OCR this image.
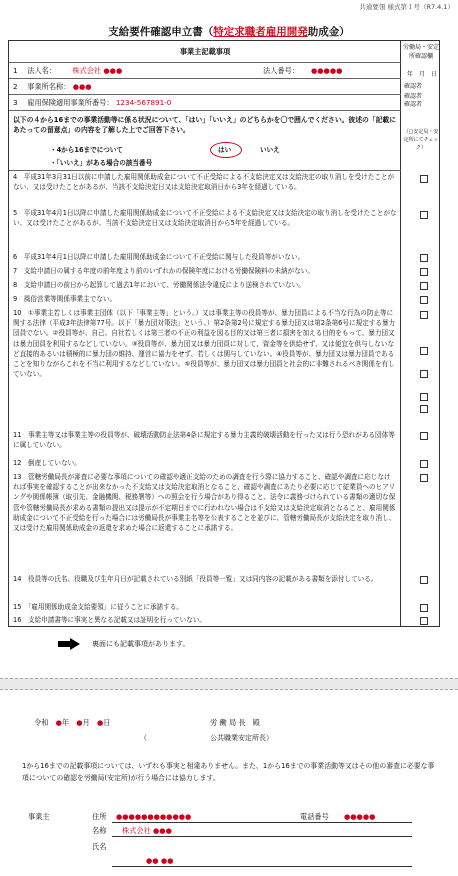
共通要領 様式第１号（R7.4.1）
支給要件確認申立書（特定求職者雇用開発助成金）
事業主記載事項	労働局・安定所確認欄
年　月　日
確認者
確認者
確認者
（□安定局・安定所にてチェック）
1 法人名： 株式会社 ●●●	法人番号： ●●●●●
2 事業所名称： ●●●
3 雇用保険適用事業所番号： 1234-567891-0
以下の４から16までの事業活動等に係る状況について、「はい」「いいえ」のどちらかを〇で囲んでください。彼述の「記載にあたっての留意点」の内容を了解した上でご回答下さい。
・4から16までについて	はい	いいえ
・「いいえ」がある場合の該当番号
4　 平成31年3月31日以前に申請した雇用関係助成金について不正受給による不支給決定又は支給決定の取り消しを受けたことがない、又は受けたことがあるが、当該不支給決定日又は支給決定取消日から3年を経過している。
5　 平成31年4月1日以降に申請した雇用関係助成金について不正受給による不支給決定又は支給決定の取り消しを受けたことがない、又は受けたことがあるが、当該不支給決定日又は支給決定取消日から5年を経過している。
6　 平成31年4月1日以降に申請した雇用関係助成金について不正受給に関与した役員等がいない。
7　 支給申請日の属する年度の前年度より前のいずれかの保険年度における労働保険料の未納がない。
8　 支給申請日の前日から起算して過去1年において、労働関係法令違反により送検されていない。
9　 風俗営業等関係事業主でない。
10　 ①事業主若しくは事業主団体（以下「事業主等」という。）又は事業主等の役員等が、暴力団員による不当な行為の防止等に関する法律（平成3年法律第77号。以下「暴力団対策法」という。）第2条第2号に規定する暴力団又は第2条第6号に規定する暴力団員でない。②役員等が、自己、自社若しくは第三者の不正の利益を図る目的又は第三者に損害を加える目的をもって、暴力団又は暴力団員を利用するなどしていない。③役員等が、暴力団又は暴力団員に対して、資金等を供給せず、又は便宜を供与しないなど直接的あるいは積極的に暴力団の維持、運営に協力をせず、若しくは関与していない。④役員等が、暴力団又は暴力団員であることを知りながらこれを不当に利用するなどしていない。⑤役員等が、暴力団又は暴力団員と社会的に非難されるべき関係を有していない。
11　 事業主等又は事業主等の役員等が、破壊活動防止法第4条に規定する暴力主義的破壊活動を行った又は行う恐れがある団体等に属していない。
12　 倒産していない。
13　 管轄労働局長が審査に必要な事項についての確認や適正支給のための調査を行う際に協力すること、確認や調査に応じなければ事実を確認することが出来なかった不支給又は支給決定取消となること、確認や調査にあたり必要に応じて従業員へのヒアリングや関係帳簿（取引先、金融機関、税務署等）への照会を行う場合があり得ること、法令に義務づけられている書類の適切な保管や管轄労働局長が求める書類の提出又は提示が不定期日までに行われない場合は不支給又は支給決定取消となること、雇用関係助成金について不正受給を行った場合には労働局長が事業主名等を公表することを並びに、管轄労働局長が支給決定を取り消し、又は受けた雇用関係助成金の返還を求めた場合に返還することに承諾する。
14　 役員等の氏名、役職及び生年月日が記載されている別紙「役員等一覧」又は同内容の記載がある書類を添付している。
15　 「雇用関係助成金支給要領」に従うことに承諾する。
16　 支給申請書等に事実と異なる記載又は証明を行っていない。
裏面にも記載事項があります。
令和　 ●年　 ●月　 ●日	労 働 局 長　殿
（　　　　　　　　　公共職業安定所長）
1から16までの記載事項については、いずれも事実と相違ありません。また、1から16までの事業活動等又はその他の審査に必要な事項についての確認を労働局(安定所)が行う場合には協力します。
事業主	住所 ●●●●●●●●●●●●	電話番号 ●●●●●
名称 株式会社 ●●●
氏名
●● ●●
